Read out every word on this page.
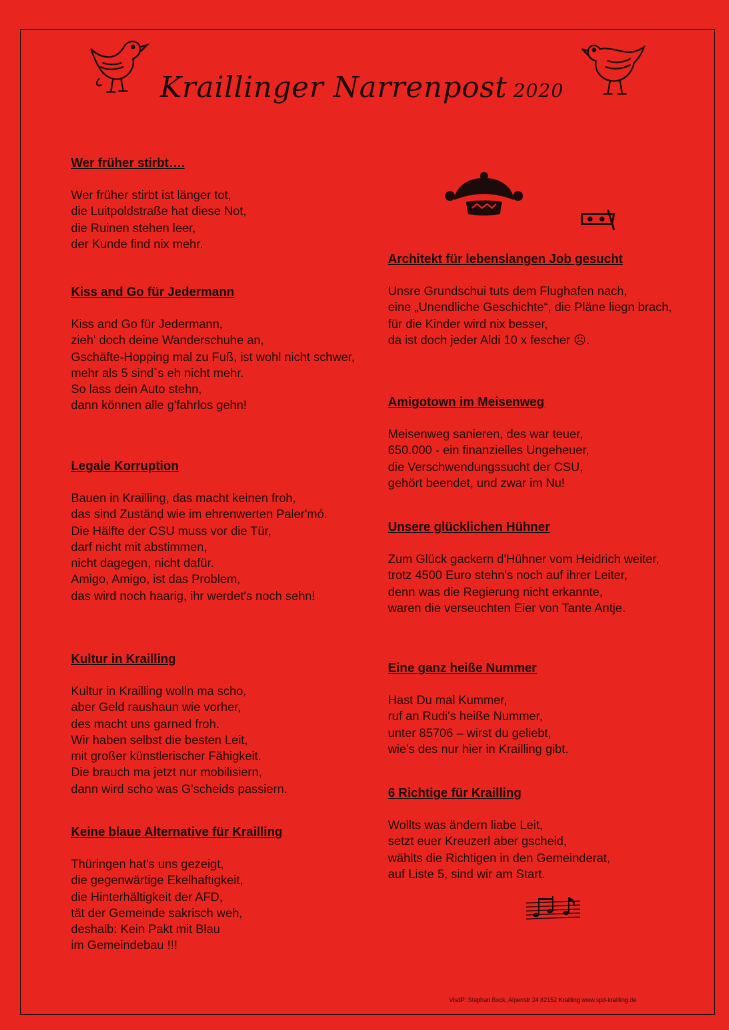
Kraillinger Narrenpost 2020
Wer früher stirbt….
Wer früher stirbt ist länger tot,
die Luitpoldstraße hat diese Not,
die Ruinen stehen leer,
der Kunde find nix mehr.
Kiss and Go für Jedermann
Kiss and Go für Jedermann,
zieh' doch deine Wanderschuhe an,
Gschäfte-Hopping mal zu Fuß, ist wohl nicht schwer,
mehr als 5 sind`s eh nicht mehr.
So lass dein Auto stehn,
dann können alle g'fahrlos gehn!
Legale Korruption
Bauen in Krailling, das macht keinen froh,
das sind Zustänḍ wie im ehrenwerten Paler'mó.
Die Hälfte der CSU muss vor die Tür,
darf nicht mit abstimmen,
nicht dagegen, nicht dafür.
Amigo, Amigo, ist das Problem,
das wird noch haarig, ihr werdet's noch sehn!
Kultur in Krailling
Kultur in Krailling wolln ma scho,
aber Geld raushaun wie vorher,
des macht uns garned froh.
Wir haben selbst die besten Leit,
mit großer künstlerischer Fähigkeit.
Die brauch ma jetzt nur mobilisiern,
dann wird scho was G'scheids passiern.
Keine blaue Alternative für Krailling
Thüringen hat's uns gezeigt,
die gegenwärtige Ekelhaftigkeit,
die Hinterhältigkeit der AFD,
tät der Gemeinde sakrisch weh,
deshalb: Kein Pakt mit Blau
im Gemeindebau !!!
Architekt für lebenslangen Job gesucht
Unsre Grundschui tuts dem Flughafen nach,
eine „Unendliche Geschichte“, die Pläne liegn brach,
für die Kinder wird nix besser,
da ist doch jeder Aldi 10 x fescher ☹.
Amigotown im Meisenweg
Meisenweg sanieren, des war teuer,
650.000 - ein finanzielles Ungeheuer,
die Verschwendungssucht der CSU,
gehört beendet, und zwar im Nu!
Unsere glücklichen Hühner
Zum Glück gackern d'Hühner vom Heidrich weiter,
trotz 4500 Euro stehn's noch auf ihrer Leiter,
denn was die Regierung nicht erkannte,
waren die verseuchten Eier von Tante Antje.
Eine ganz heiße Nummer
Hast Du mal Kummer,
ruf an Rudi's heiße Nummer,
unter 85706 – wirst du geliebt,
wie's des nur hier in Krailling gibt.
6 Richtige für Krailling
Wollts was ändern liabe Leit,
setzt euer Kreuzerl aber gscheid,
wählts die Richtigen in den Gemeinderat,
auf Liste 5, sind wir am Start.
VisdP: Stephan Bock, Alpenstr 24 82152 Krailling www.spd-krailling.de
